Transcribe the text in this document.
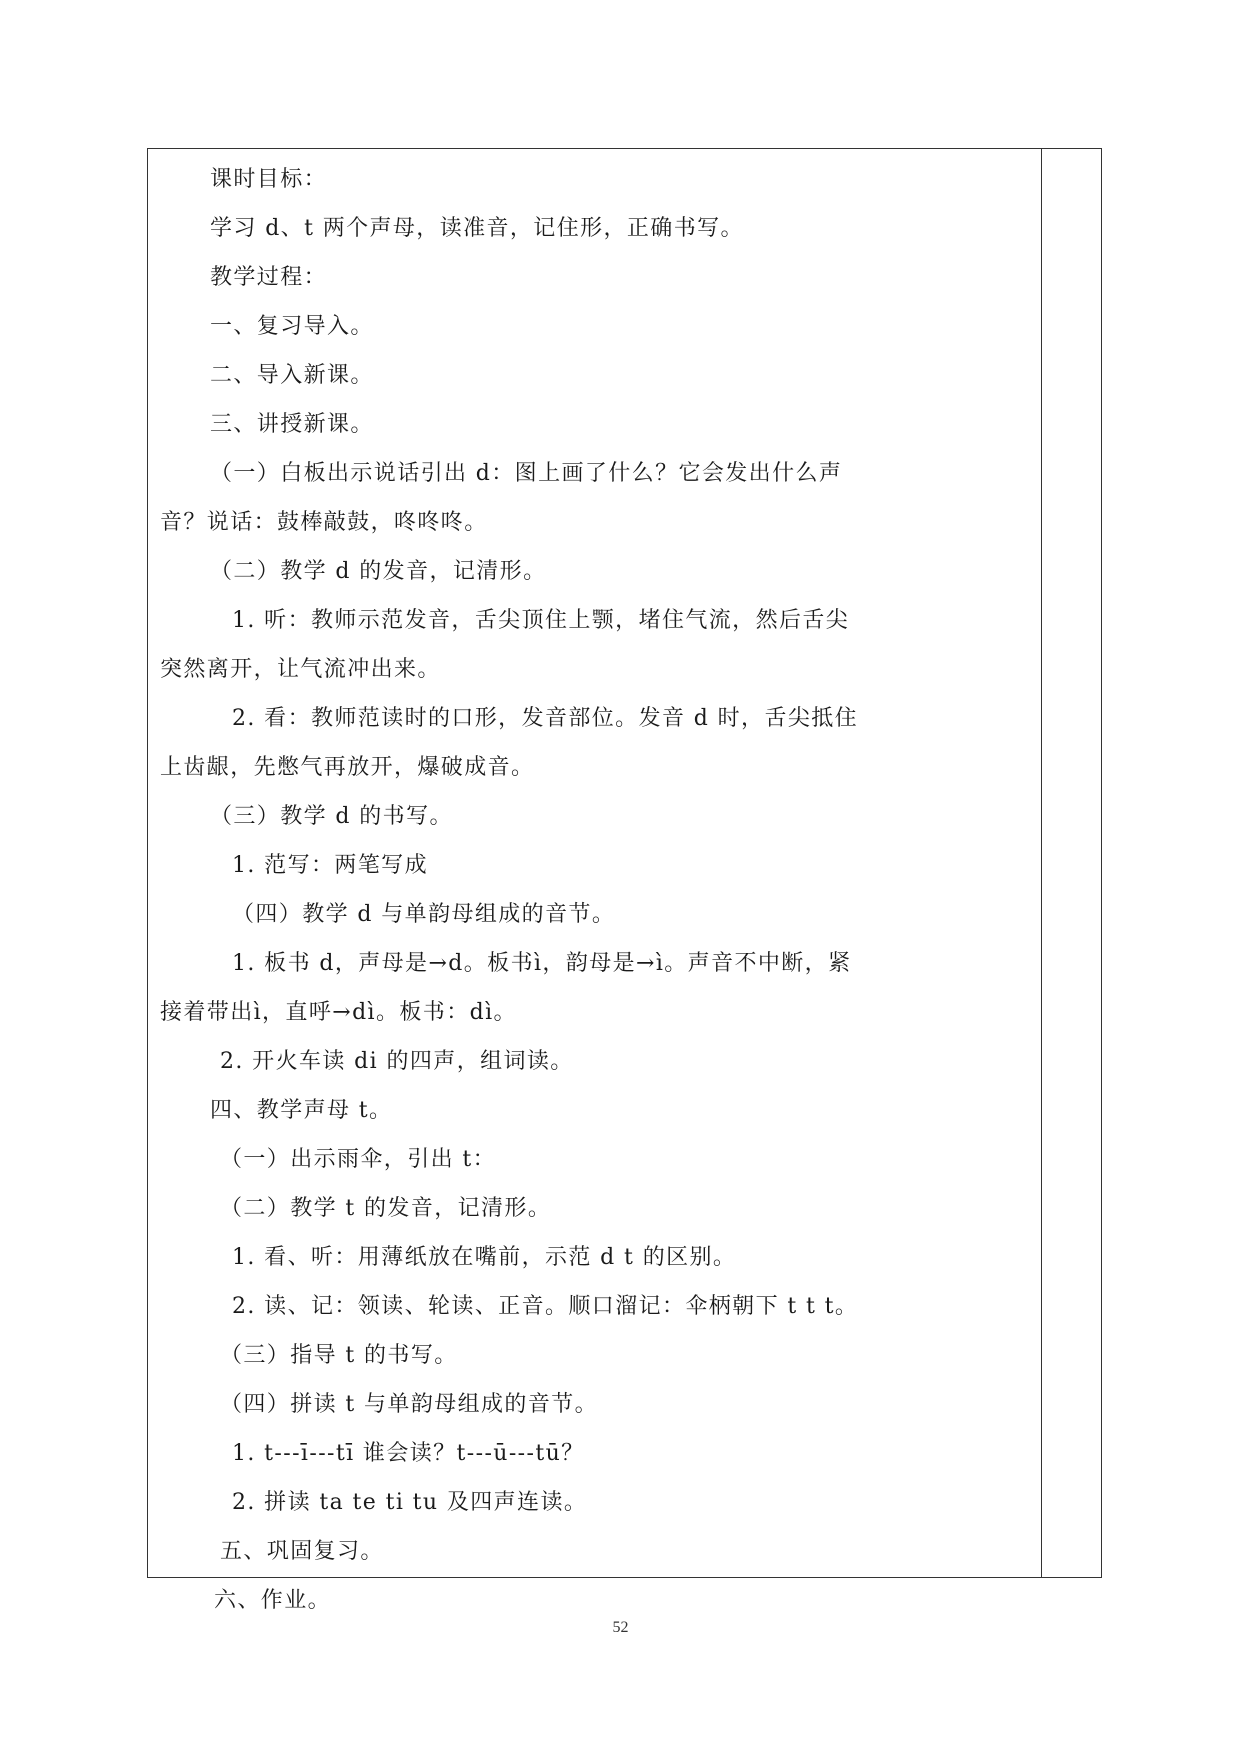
课时目标：
学习 d、t 两个声母，读准音，记住形，正确书写。
教学过程：
一、复习导入。
二、导入新课。
三、讲授新课。
（一）白板出示说话引出 d：图上画了什么？它会发出什么声
音？说话：鼓棒敲鼓，咚咚咚。
（二）教学 d 的发音，记清形。
1. 听：教师示范发音，舌尖顶住上颚，堵住气流，然后舌尖
突然离开，让气流冲出来。
2. 看：教师范读时的口形，发音部位。发音 d 时，舌尖抵住
上齿龈，先憋气再放开，爆破成音。
（三）教学 d 的书写。
1. 范写：两笔写成
（四）教学 d 与单韵母组成的音节。
1. 板书 d，声母是→d。板书ì，韵母是→ì。声音不中断，紧
接着带出ì，直呼→dì。板书：dì。
2. 开火车读 di 的四声，组词读。
四、教学声母 t。
（一）出示雨伞，引出 t：
（二）教学 t 的发音，记清形。
1. 看、听：用薄纸放在嘴前，示范 d t 的区别。
2. 读、记：领读、轮读、正音。顺口溜记：伞柄朝下 t t t。
（三）指导 t 的书写。
（四）拼读 t 与单韵母组成的音节。
1. t---ī---tī 谁会读？t---ū---tū？
2. 拼读 ta te ti tu 及四声连读。
五、巩固复习。
六、作业。
52
